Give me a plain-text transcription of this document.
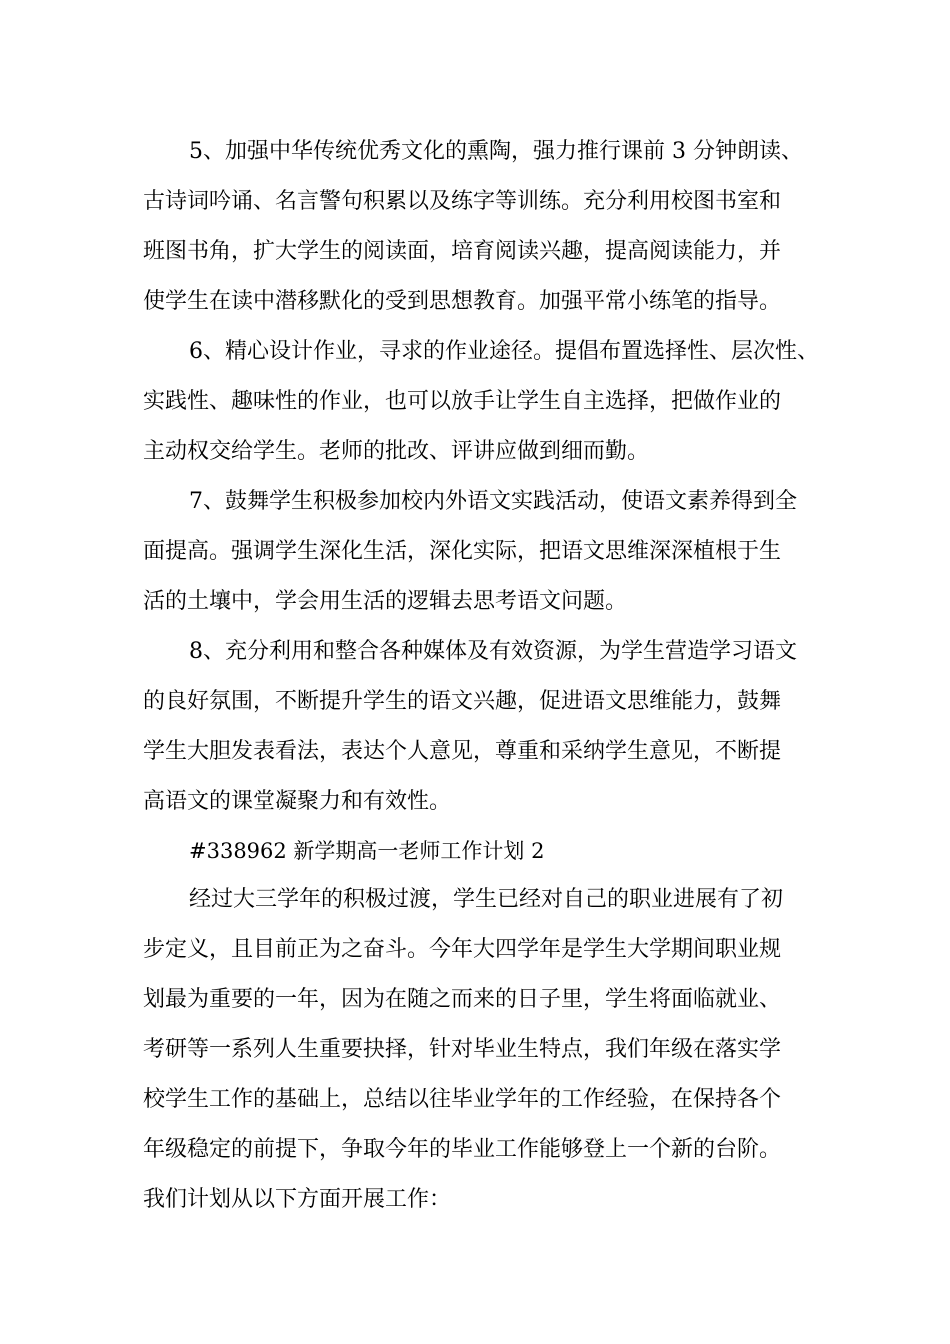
5、加强中华传统优秀文化的熏陶，强力推行课前 3 分钟朗读、
古诗词吟诵、名言警句积累以及练字等训练。充分利用校图书室和
班图书角，扩大学生的阅读面，培育阅读兴趣，提高阅读能力，并
使学生在读中潜移默化的受到思想教育。加强平常小练笔的指导。
6、精心设计作业，寻求的作业途径。提倡布置选择性、层次性、
实践性、趣味性的作业，也可以放手让学生自主选择，把做作业的
主动权交给学生。老师的批改、评讲应做到细而勤。
7、鼓舞学生积极参加校内外语文实践活动，使语文素养得到全
面提高。强调学生深化生活，深化实际，把语文思维深深植根于生
活的土壤中，学会用生活的逻辑去思考语文问题。
8、充分利用和整合各种媒体及有效资源，为学生营造学习语文
的良好氛围，不断提升学生的语文兴趣，促进语文思维能力，鼓舞
学生大胆发表看法，表达个人意见，尊重和采纳学生意见，不断提
高语文的课堂凝聚力和有效性。
#338962 新学期高一老师工作计划 2
经过大三学年的积极过渡，学生已经对自己的职业进展有了初
步定义，且目前正为之奋斗。今年大四学年是学生大学期间职业规
划最为重要的一年，因为在随之而来的日子里，学生将面临就业、
考研等一系列人生重要抉择，针对毕业生特点，我们年级在落实学
校学生工作的基础上，总结以往毕业学年的工作经验，在保持各个
年级稳定的前提下，争取今年的毕业工作能够登上一个新的台阶。
我们计划从以下方面开展工作：
